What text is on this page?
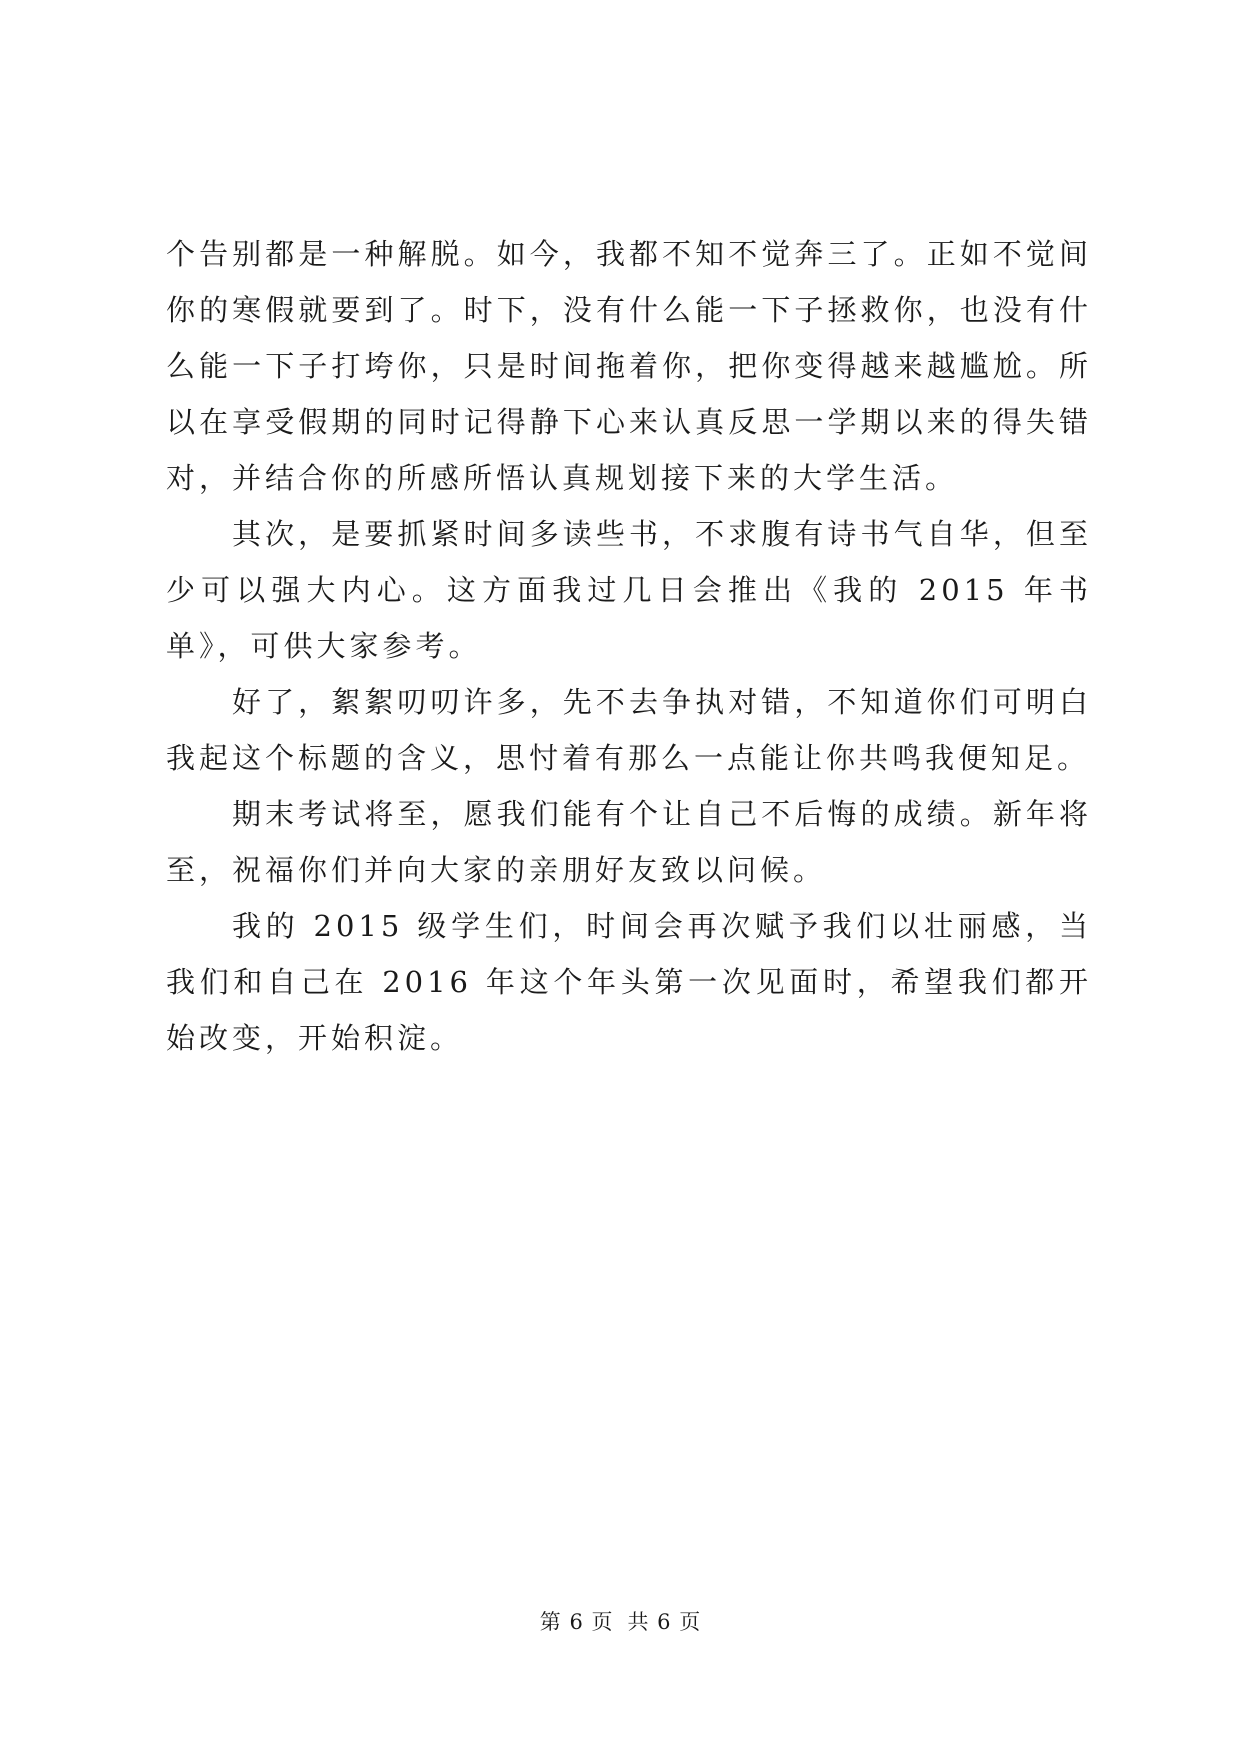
个告别都是一种解脱。如今，我都不知不觉奔三了。正如不觉间你的寒假就要到了。时下，没有什么能一下子拯救你，也没有什么能一下子打垮你，只是时间拖着你，把你变得越来越尴尬。所以在享受假期的同时记得静下心来认真反思一学期以来的得失错对，并结合你的所感所悟认真规划接下来的大学生活。

其次，是要抓紧时间多读些书，不求腹有诗书气自华，但至少可以强大内心。这方面我过几日会推出《我的 2015 年书单》，可供大家参考。

好了，絮絮叨叨许多，先不去争执对错，不知道你们可明白我起这个标题的含义，思忖着有那么一点能让你共鸣我便知足。

期末考试将至，愿我们能有个让自己不后悔的成绩。新年将至，祝福你们并向大家的亲朋好友致以问候。

我的 2015 级学生们，时间会再次赋予我们以壮丽感，当我们和自己在 2016 年这个年头第一次见面时，希望我们都开始改变，开始积淀。

第 6 页 共 6 页
